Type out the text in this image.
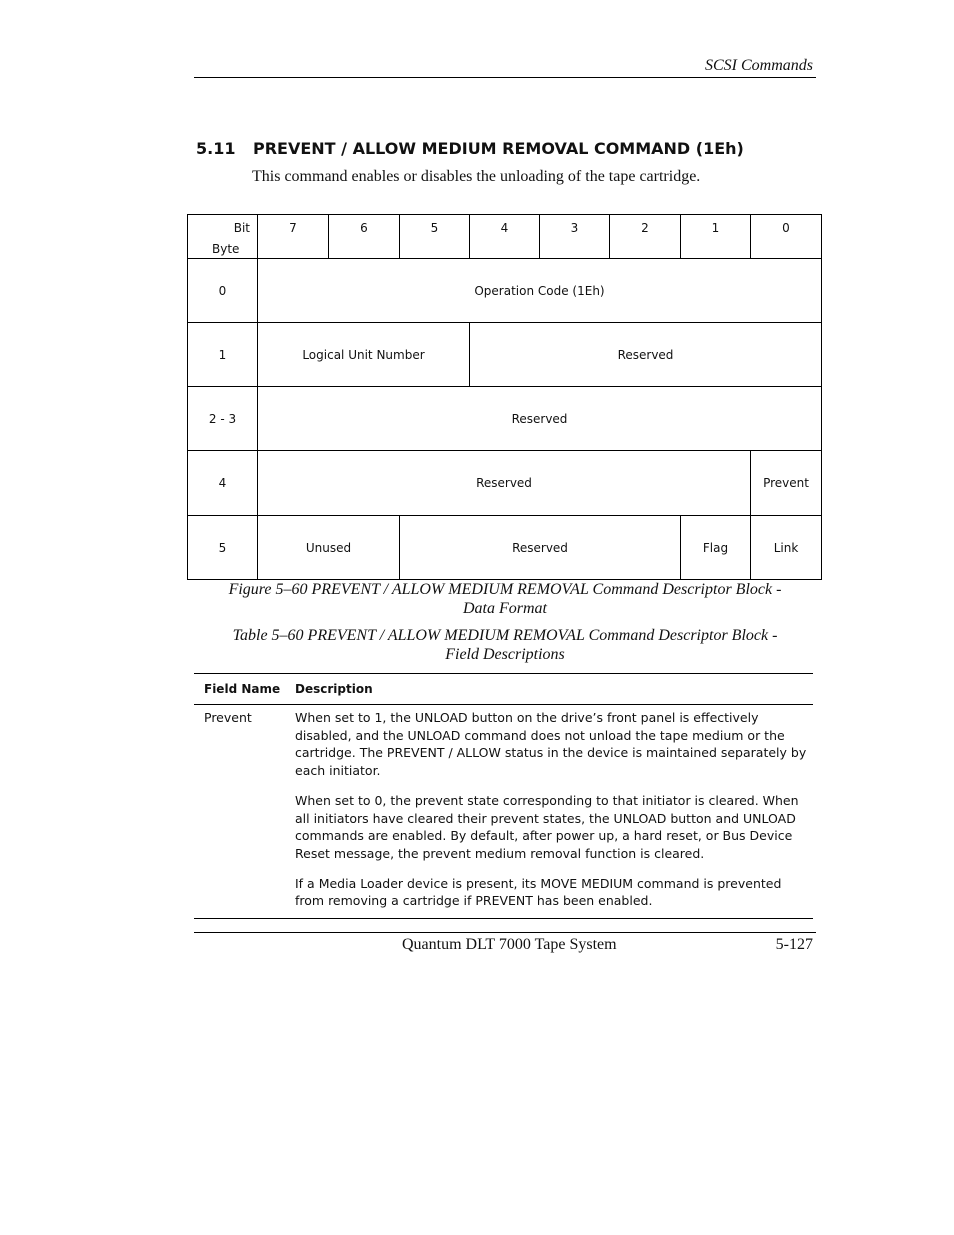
SCSI Commands
5.11 PREVENT / ALLOW MEDIUM REMOVAL COMMAND (1Eh)
This command enables or disables the unloading of the tape cartridge.
Bit
Byte	7	6	5	4	3	2	1	0
0	Operation Code (1Eh)							
1	Logical Unit Number			Reserved				
2 - 3	Reserved							
4	Reserved							Prevent
5	Unused		Reserved				Flag	Link
Figure 5–60 PREVENT / ALLOW MEDIUM REMOVAL Command Descriptor Block -
Data Format
Table 5–60 PREVENT / ALLOW MEDIUM REMOVAL Command Descriptor Block -
Field Descriptions
Field Name	Description
Prevent	When set to 1, the UNLOAD button on the drive’s front panel is effectively disabled, and the UNLOAD command does not unload the tape medium or the cartridge. The PREVENT / ALLOW status in the device is maintained separately by each initiator.

When set to 0, the prevent state corresponding to that initiator is cleared. When all initiators have cleared their prevent states, the UNLOAD button and UNLOAD commands are enabled. By default, after power up, a hard reset, or Bus Device Reset message, the prevent medium removal function is cleared.

If a Media Loader device is present, its MOVE MEDIUM command is prevented from removing a cartridge if PREVENT has been enabled.

Quantum DLT 7000 Tape System	5-127
